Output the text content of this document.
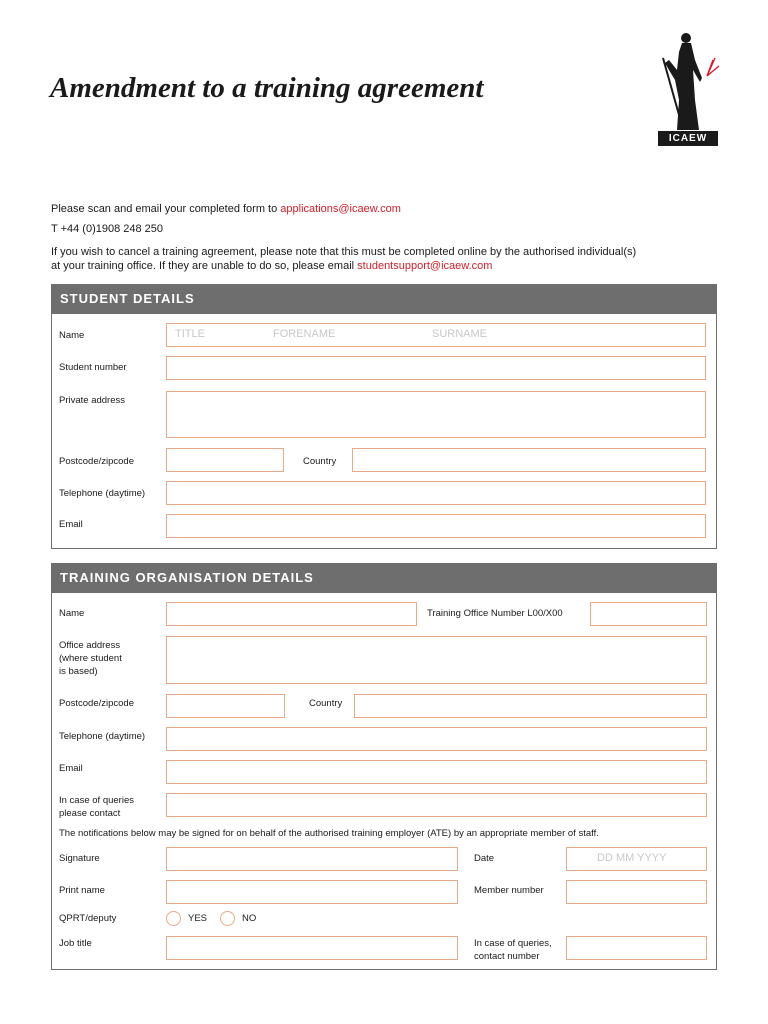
Amendment to a training agreement
ICAEW
Please scan and email your completed form to applications@icaew.com
T +44 (0)1908 248 250
If you wish to cancel a training agreement, please note that this must be completed online by the authorised individual(s)
at your training office. If they are unable to do so, please email studentsupport@icaew.com
STUDENT DETAILS
Name	TITLE	FORENAME	SURNAME
Student number
Private address
Postcode/zipcode	Country
Telephone (daytime)
Email
TRAINING ORGANISATION DETAILS
Name	Training Office Number L00/X00
Office address
(where student
is based)
Postcode/zipcode	Country
Telephone (daytime)
Email
In case of queries
please contact
The notifications below may be signed for on behalf of the authorised training employer (ATE) by an appropriate member of staff.
Signature	Date	DD MM YYYY
Print name	Member number
QPRT/deputy	YES	NO
Job title	In case of queries,
contact number
